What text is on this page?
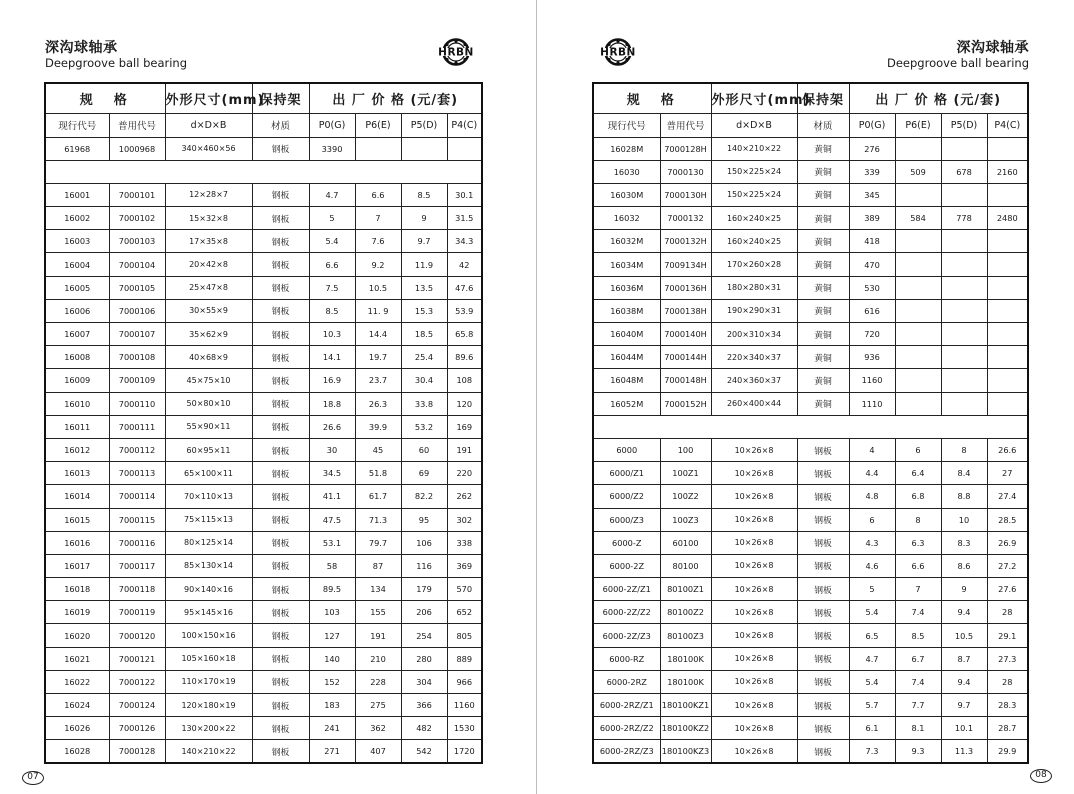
深沟球轴承
Deepgroove ball bearing
HRBN
规　格		外形尺寸(mm)	保持架	出 厂 价 格 (元/套)			
现行代号	普用代号	d×D×B	材质	P0(G)	P6(E)	P5(D)	P4(C)
61968	1000968	340×460×56	钢板	3390			

16001	7000101	12×28×7	钢板	4.7	6.6	8.5	30.1
16002	7000102	15×32×8	钢板	5	7	9	31.5
16003	7000103	17×35×8	钢板	5.4	7.6	9.7	34.3
16004	7000104	20×42×8	钢板	6.6	9.2	11.9	42
16005	7000105	25×47×8	钢板	7.5	10.5	13.5	47.6
16006	7000106	30×55×9	钢板	8.5	11. 9	15.3	53.9
16007	7000107	35×62×9	钢板	10.3	14.4	18.5	65.8
16008	7000108	40×68×9	钢板	14.1	19.7	25.4	89.6
16009	7000109	45×75×10	钢板	16.9	23.7	30.4	108
16010	7000110	50×80×10	钢板	18.8	26.3	33.8	120
16011	7000111	55×90×11	钢板	26.6	39.9	53.2	169
16012	7000112	60×95×11	钢板	30	45	60	191
16013	7000113	65×100×11	钢板	34.5	51.8	69	220
16014	7000114	70×110×13	钢板	41.1	61.7	82.2	262
16015	7000115	75×115×13	钢板	47.5	71.3	95	302
16016	7000116	80×125×14	钢板	53.1	79.7	106	338
16017	7000117	85×130×14	钢板	58	87	116	369
16018	7000118	90×140×16	钢板	89.5	134	179	570
16019	7000119	95×145×16	钢板	103	155	206	652
16020	7000120	100×150×16	钢板	127	191	254	805
16021	7000121	105×160×18	钢板	140	210	280	889
16022	7000122	110×170×19	钢板	152	228	304	966
16024	7000124	120×180×19	钢板	183	275	366	1160
16026	7000126	130×200×22	钢板	241	362	482	1530
16028	7000128	140×210×22	钢板	271	407	542	1720
07
HRBN	深沟球轴承
Deepgroove ball bearing
规　格		外形尺寸(mm)	保持架	出 厂 价 格 (元/套)			
现行代号	普用代号	d×D×B	材质	P0(G)	P6(E)	P5(D)	P4(C)
16028M	7000128H	140×210×22	黄铜	276			
16030	7000130	150×225×24	黄铜	339	509	678	2160
16030M	7000130H	150×225×24	黄铜	345			
16032	7000132	160×240×25	黄铜	389	584	778	2480
16032M	7000132H	160×240×25	黄铜	418			
16034M	7009134H	170×260×28	黄铜	470			
16036M	7000136H	180×280×31	黄铜	530			
16038M	7000138H	190×290×31	黄铜	616			
16040M	7000140H	200×310×34	黄铜	720			
16044M	7000144H	220×340×37	黄铜	936			
16048M	7000148H	240×360×37	黄铜	1160			
16052M	7000152H	260×400×44	黄铜	1110			

6000	100	10×26×8	钢板	4	6	8	26.6
6000/Z1	100Z1	10×26×8	钢板	4.4	6.4	8.4	27
6000/Z2	100Z2	10×26×8	钢板	4.8	6.8	8.8	27.4
6000/Z3	100Z3	10×26×8	钢板	6	8	10	28.5
6000-Z	60100	10×26×8	钢板	4.3	6.3	8.3	26.9
6000-2Z	80100	10×26×8	钢板	4.6	6.6	8.6	27.2
6000-2Z/Z1	80100Z1	10×26×8	钢板	5	7	9	27.6
6000-2Z/Z2	80100Z2	10×26×8	钢板	5.4	7.4	9.4	28
6000-2Z/Z3	80100Z3	10×26×8	钢板	6.5	8.5	10.5	29.1
6000-RZ	180100K	10×26×8	钢板	4.7	6.7	8.7	27.3
6000-2RZ	180100K	10×26×8	钢板	5.4	7.4	9.4	28
6000-2RZ/Z1	180100KZ1	10×26×8	钢板	5.7	7.7	9.7	28.3
6000-2RZ/Z2	180100KZ2	10×26×8	钢板	6.1	8.1	10.1	28.7
6000-2RZ/Z3	180100KZ3	10×26×8	钢板	7.3	9.3	11.3	29.9
08
